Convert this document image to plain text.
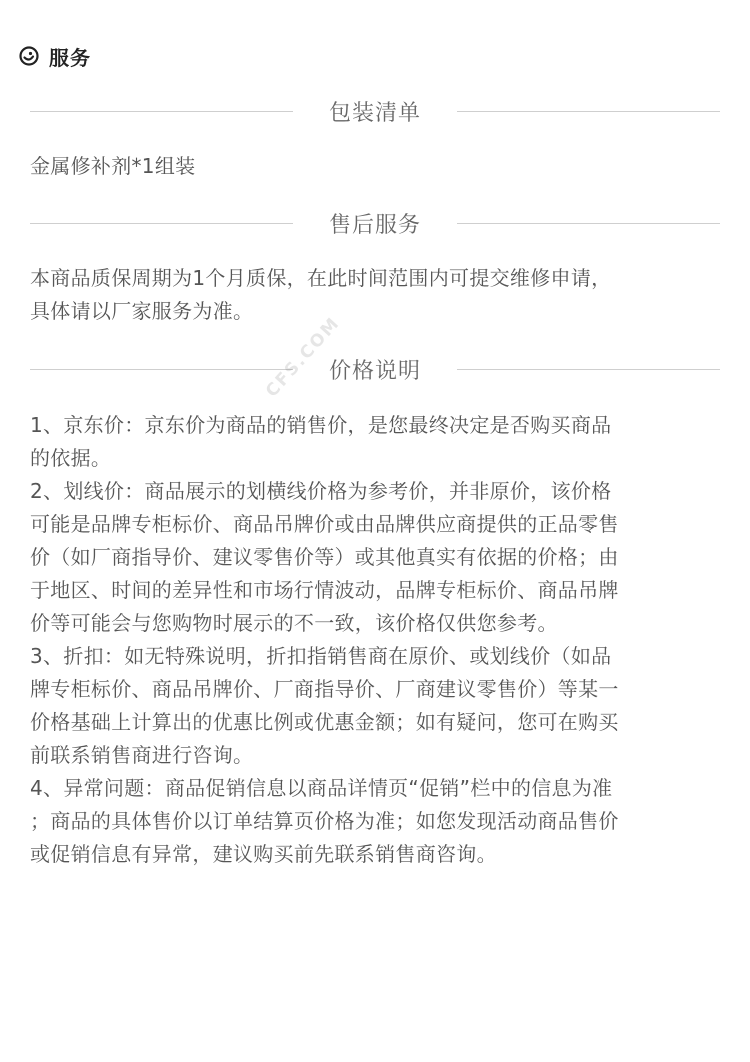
服务
包装清单
金属修补剂*1组装
售后服务
本商品质保周期为1个月质保，在此时间范围内可提交维修申请，
具体请以厂家服务为准。
价格说明
1、京东价：京东价为商品的销售价，是您最终决定是否购买商品
的依据。
2、划线价：商品展示的划横线价格为参考价，并非原价，该价格
可能是品牌专柜标价、商品吊牌价或由品牌供应商提供的正品零售
价（如厂商指导价、建议零售价等）或其他真实有依据的价格；由
于地区、时间的差异性和市场行情波动，品牌专柜标价、商品吊牌
价等可能会与您购物时展示的不一致，该价格仅供您参考。
3、折扣：如无特殊说明，折扣指销售商在原价、或划线价（如品
牌专柜标价、商品吊牌价、厂商指导价、厂商建议零售价）等某一
价格基础上计算出的优惠比例或优惠金额；如有疑问，您可在购买
前联系销售商进行咨询。
4、异常问题：商品促销信息以商品详情页“促销”栏中的信息为准
；商品的具体售价以订单结算页价格为准；如您发现活动商品售价
或促销信息有异常，建议购买前先联系销售商咨询。
CFS.COM
